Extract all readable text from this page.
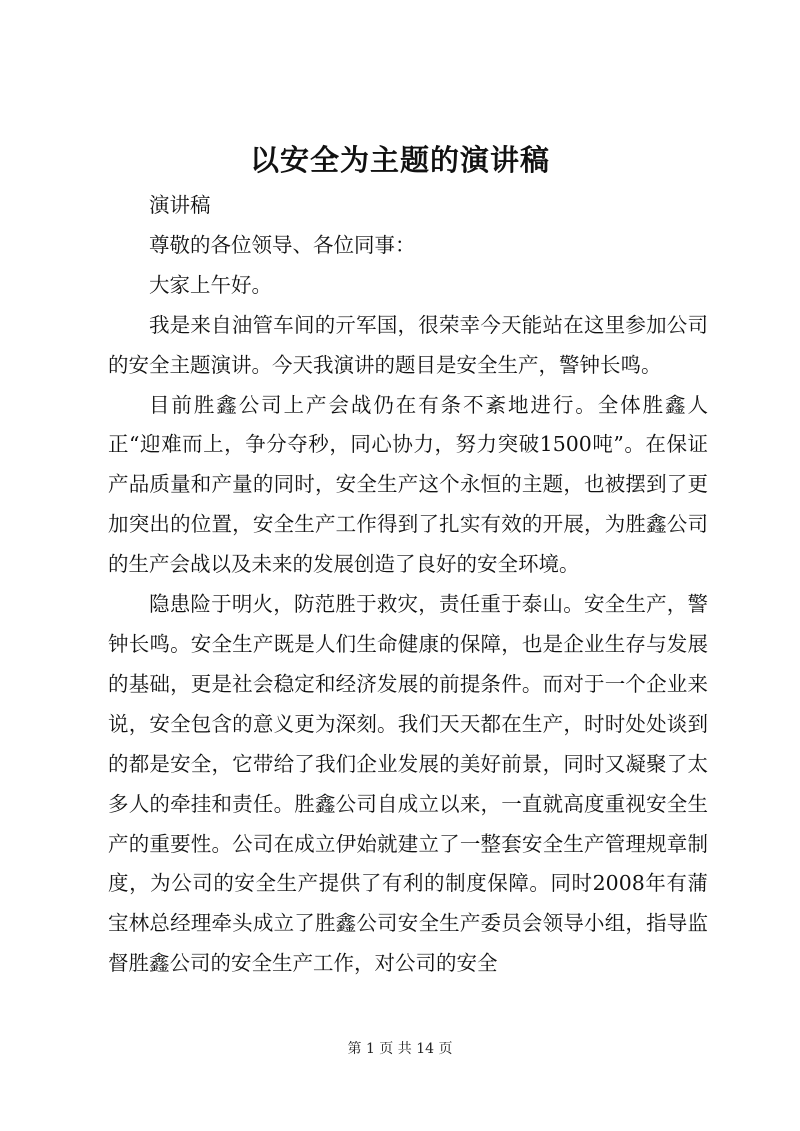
以安全为主题的演讲稿

演讲稿

尊敬的各位领导、各位同事：

大家上午好。

我是来自油管车间的亓军国，很荣幸今天能站在这里参加公司的安全主题演讲。今天我演讲的题目是安全生产，警钟长鸣。

目前胜鑫公司上产会战仍在有条不紊地进行。全体胜鑫人正“迎难而上，争分夺秒，同心协力，努力突破1500吨”。在保证产品质量和产量的同时，安全生产这个永恒的主题，也被摆到了更加突出的位置，安全生产工作得到了扎实有效的开展，为胜鑫公司的生产会战以及未来的发展创造了良好的安全环境。

隐患险于明火，防范胜于救灾，责任重于泰山。安全生产，警钟长鸣。安全生产既是人们生命健康的保障，也是企业生存与发展的基础，更是社会稳定和经济发展的前提条件。而对于一个企业来说，安全包含的意义更为深刻。我们天天都在生产，时时处处谈到的都是安全，它带给了我们企业发展的美好前景，同时又凝聚了太多人的牵挂和责任。胜鑫公司自成立以来，一直就高度重视安全生产的重要性。公司在成立伊始就建立了一整套安全生产管理规章制度，为公司的安全生产提供了有利的制度保障。同时2008年有蒲宝林总经理牵头成立了胜鑫公司安全生产委员会领导小组，指导监督胜鑫公司的安全生产工作，对公司的安全

第 1 页 共 14 页
